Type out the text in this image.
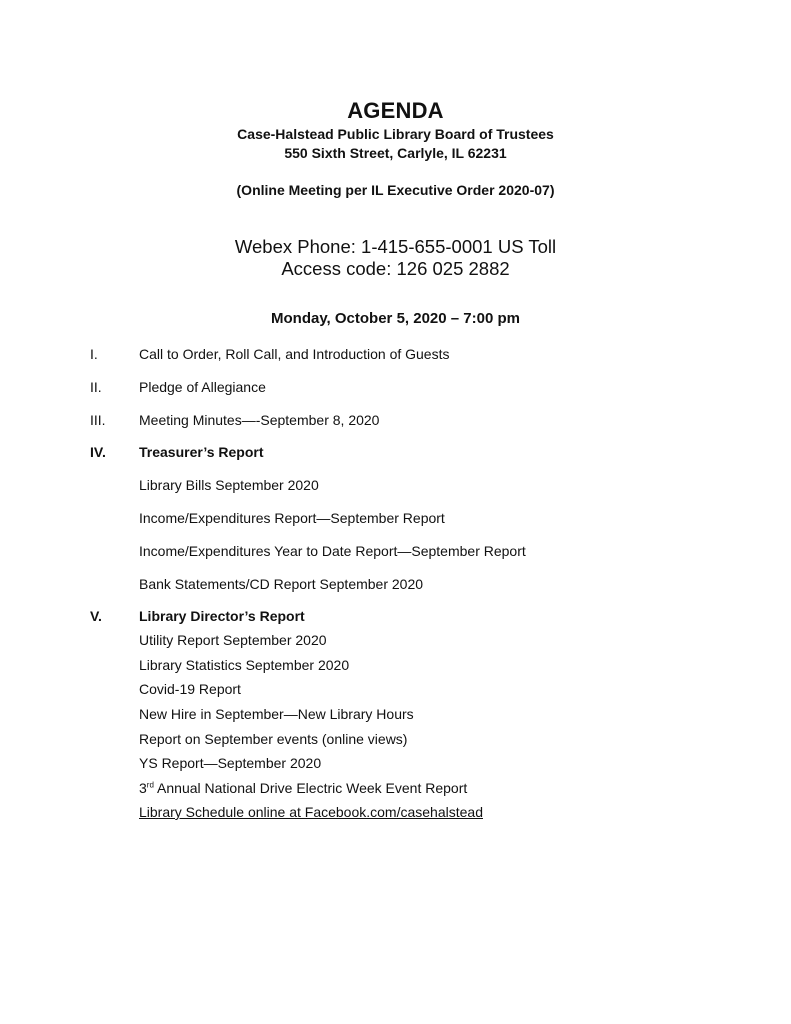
AGENDA
Case-Halstead Public Library Board of Trustees
550 Sixth Street, Carlyle, IL 62231
(Online Meeting per IL Executive Order 2020-07)
Webex Phone: 1-415-655-0001 US Toll
Access code: 126 025 2882
Monday, October 5, 2020 – 7:00 pm
I.	Call to Order, Roll Call, and Introduction of Guests
II.	Pledge of Allegiance
III. Meeting Minutes—-September 8, 2020
IV. Treasurer’s Report
Library Bills September 2020
Income/Expenditures Report—September Report
Income/Expenditures Year to Date Report—September Report
Bank Statements/CD Report September 2020
V.	Library Director’s Report
Utility Report September 2020
Library Statistics September 2020
Covid-19 Report
New Hire in September—New Library Hours
Report on September events (online views)
YS Report—September 2020
3rd Annual National Drive Electric Week Event Report
Library Schedule online at Facebook.com/casehalstead
